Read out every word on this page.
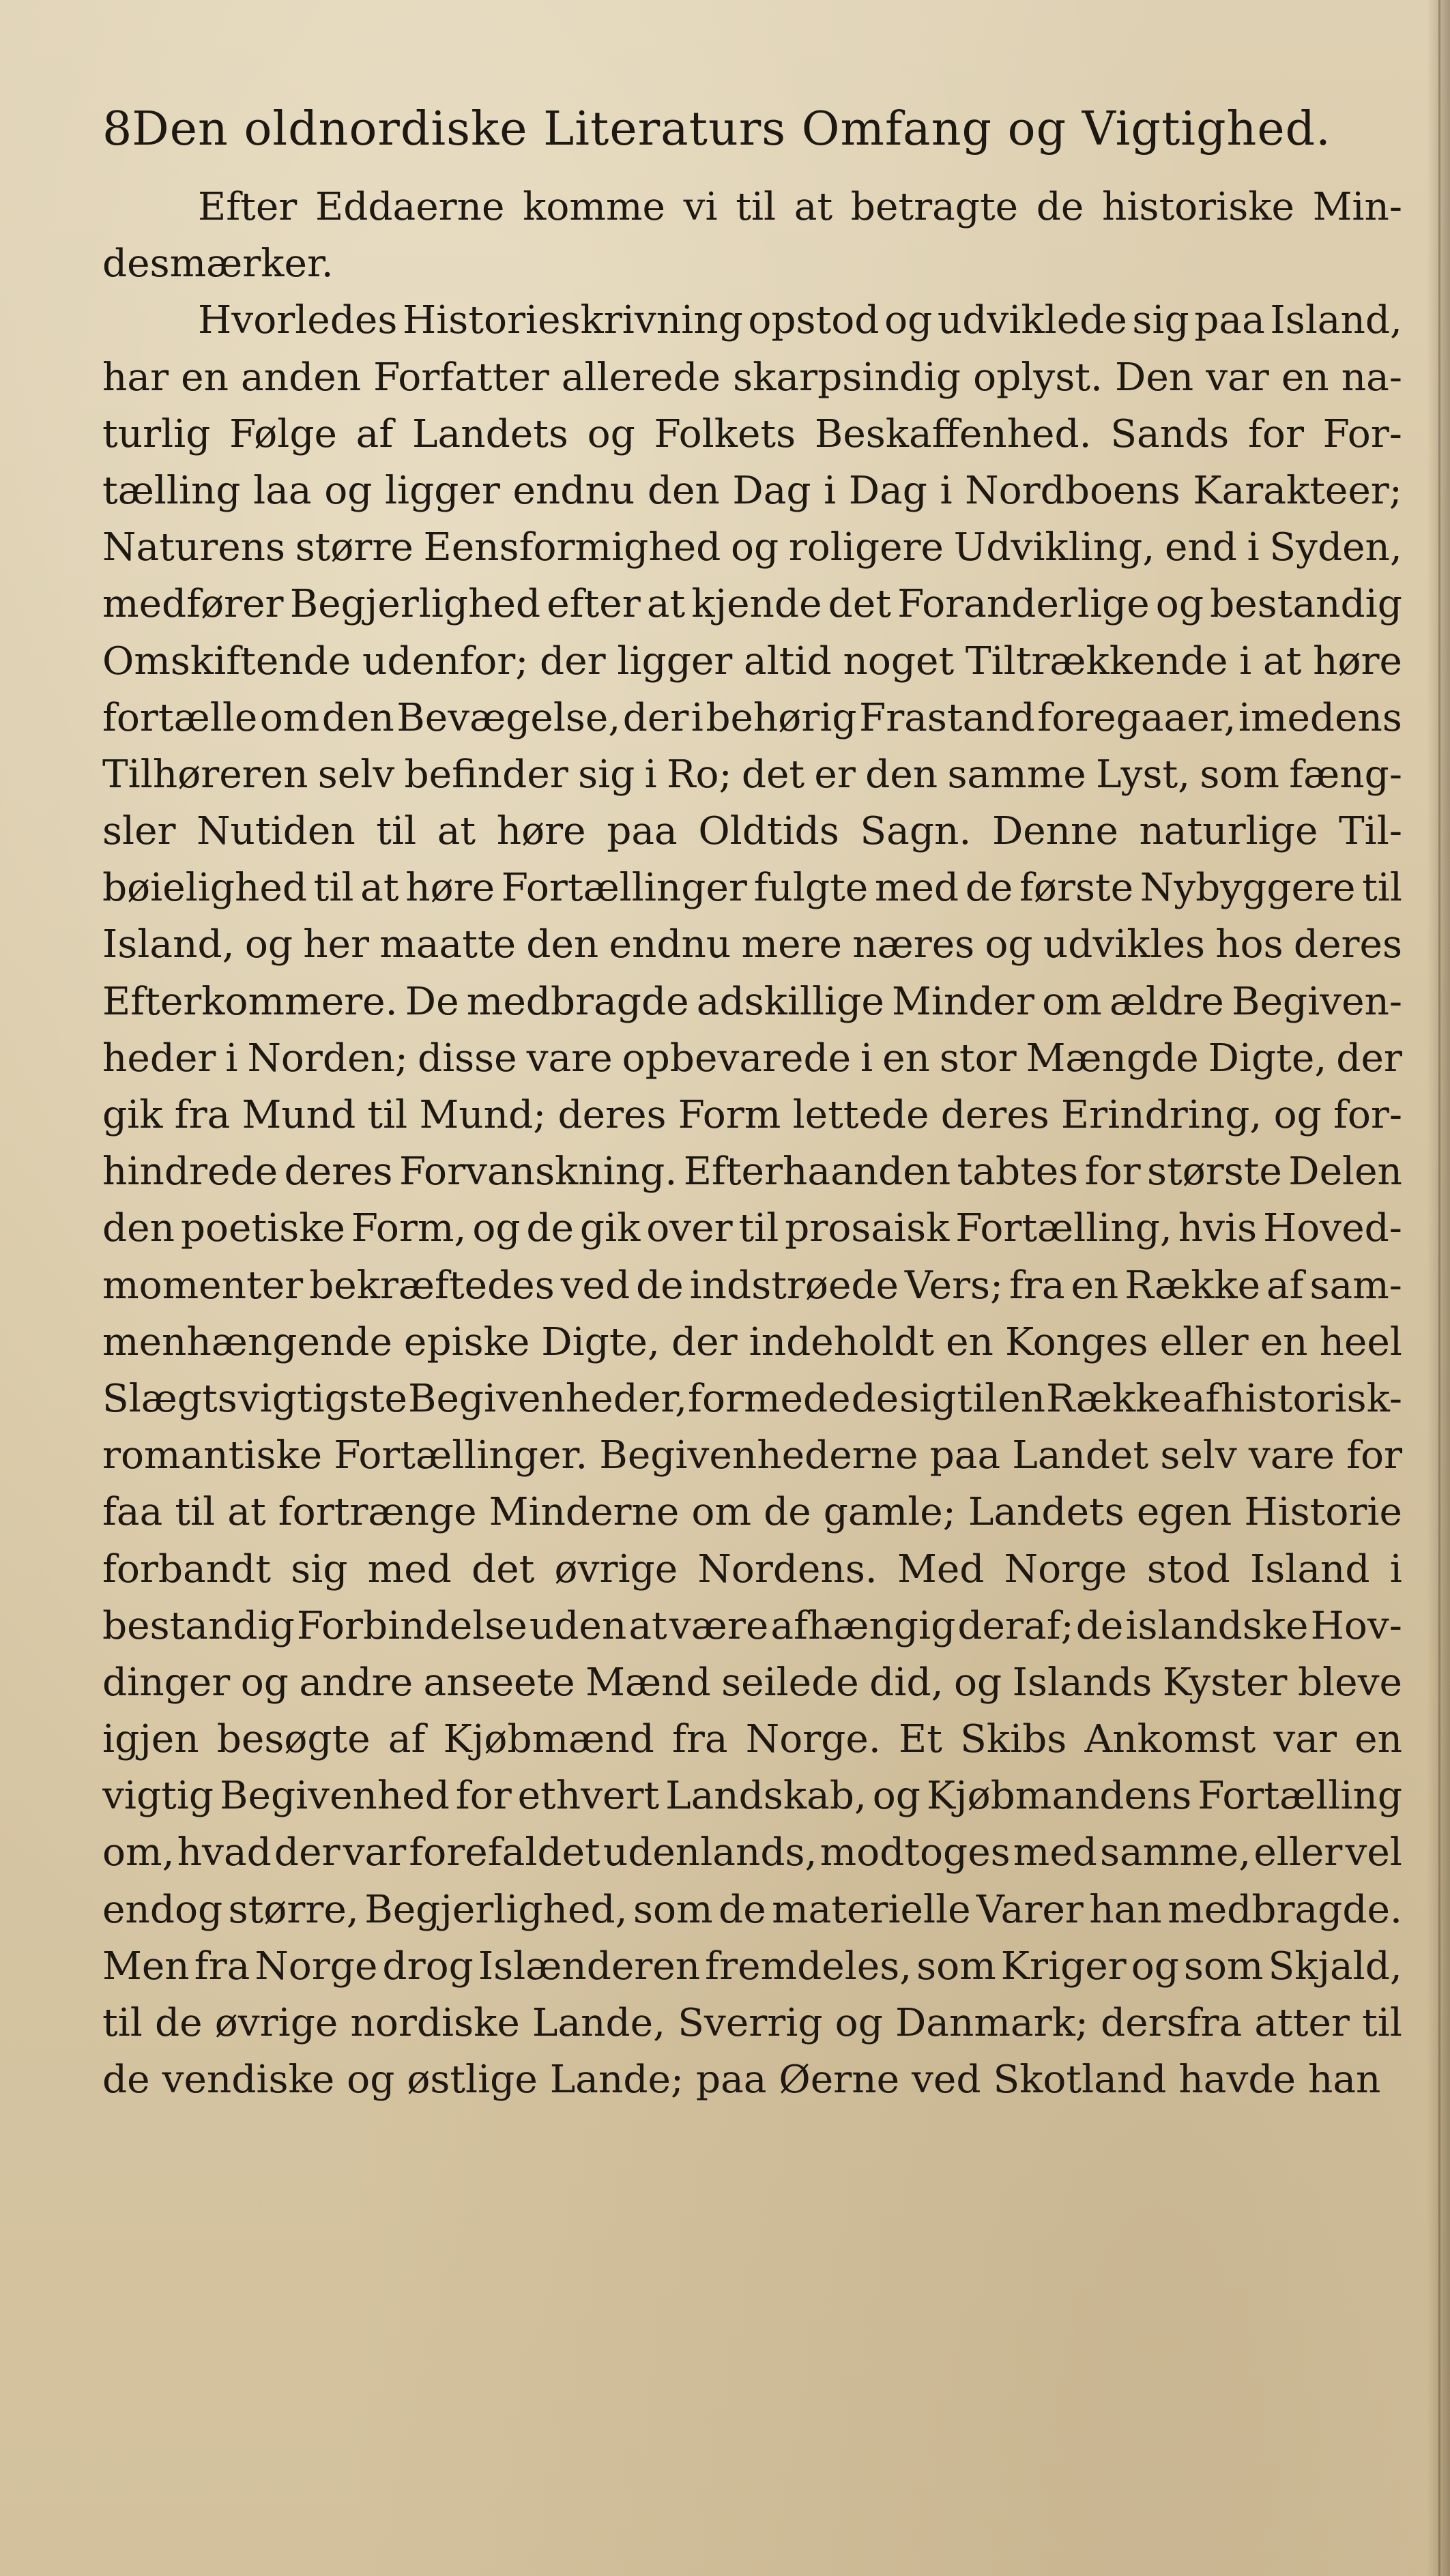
8 Den oldnordiske Literaturs Omfang og Vigtighed.
Efter Eddaerne komme vi til at betragte de historiske Min-
desmærker.
Hvorledes Historieskrivning opstod og udviklede sig paa Island,
har en anden Forfatter allerede skarpsindig oplyst. Den var en na-
turlig Følge af Landets og Folkets Beskaffenhed. Sands for For-
tælling laa og ligger endnu den Dag i Dag i Nordboens Karakteer;
Naturens større Eensformighed og roligere Udvikling, end i Syden,
medfører Begjerlighed efter at kjende det Foranderlige og bestandig
Omskiftende udenfor; der ligger altid noget Tiltrækkende i at høre
fortælle om den Bevægelse, der i behørig Frastand foregaaer, imedens
Tilhøreren selv befinder sig i Ro; det er den samme Lyst, som fæng-
sler Nutiden til at høre paa Oldtids Sagn. Denne naturlige Til-
bøielighed til at høre Fortællinger fulgte med de første Nybyggere til
Island, og her maatte den endnu mere næres og udvikles hos deres
Efterkommere. De medbragde adskillige Minder om ældre Begiven-
heder i Norden; disse vare opbevarede i en stor Mængde Digte, der
gik fra Mund til Mund; deres Form lettede deres Erindring, og for-
hindrede deres Forvanskning. Efterhaanden tabtes for største Delen
den poetiske Form, og de gik over til prosaisk Fortælling, hvis Hoved-
momenter bekræftedes ved de indstrøede Vers; fra en Række af sam-
menhængende episke Digte, der indeholdt en Konges eller en heel
Slægts vigtigste Begivenheder, formede de sig til en Række af historisk-
romantiske Fortællinger. Begivenhederne paa Landet selv vare for
faa til at fortrænge Minderne om de gamle; Landets egen Historie
forbandt sig med det øvrige Nordens. Med Norge stod Island i
bestandig Forbindelse uden at være afhængig deraf; de islandske Hov-
dinger og andre anseete Mænd seilede did, og Islands Kyster bleve
igjen besøgte af Kjøbmænd fra Norge. Et Skibs Ankomst var en
vigtig Begivenhed for ethvert Landskab, og Kjøbmandens Fortælling
om, hvad der var forefaldet udenlands, modtoges med samme, eller vel
endog større, Begjerlighed, som de materielle Varer han medbragde.
Men fra Norge drog Islænderen fremdeles, som Kriger og som Skjald,
til de øvrige nordiske Lande, Sverrig og Danmark; dersfra atter til
de vendiske og østlige Lande; paa Øerne ved Skotland havde han
